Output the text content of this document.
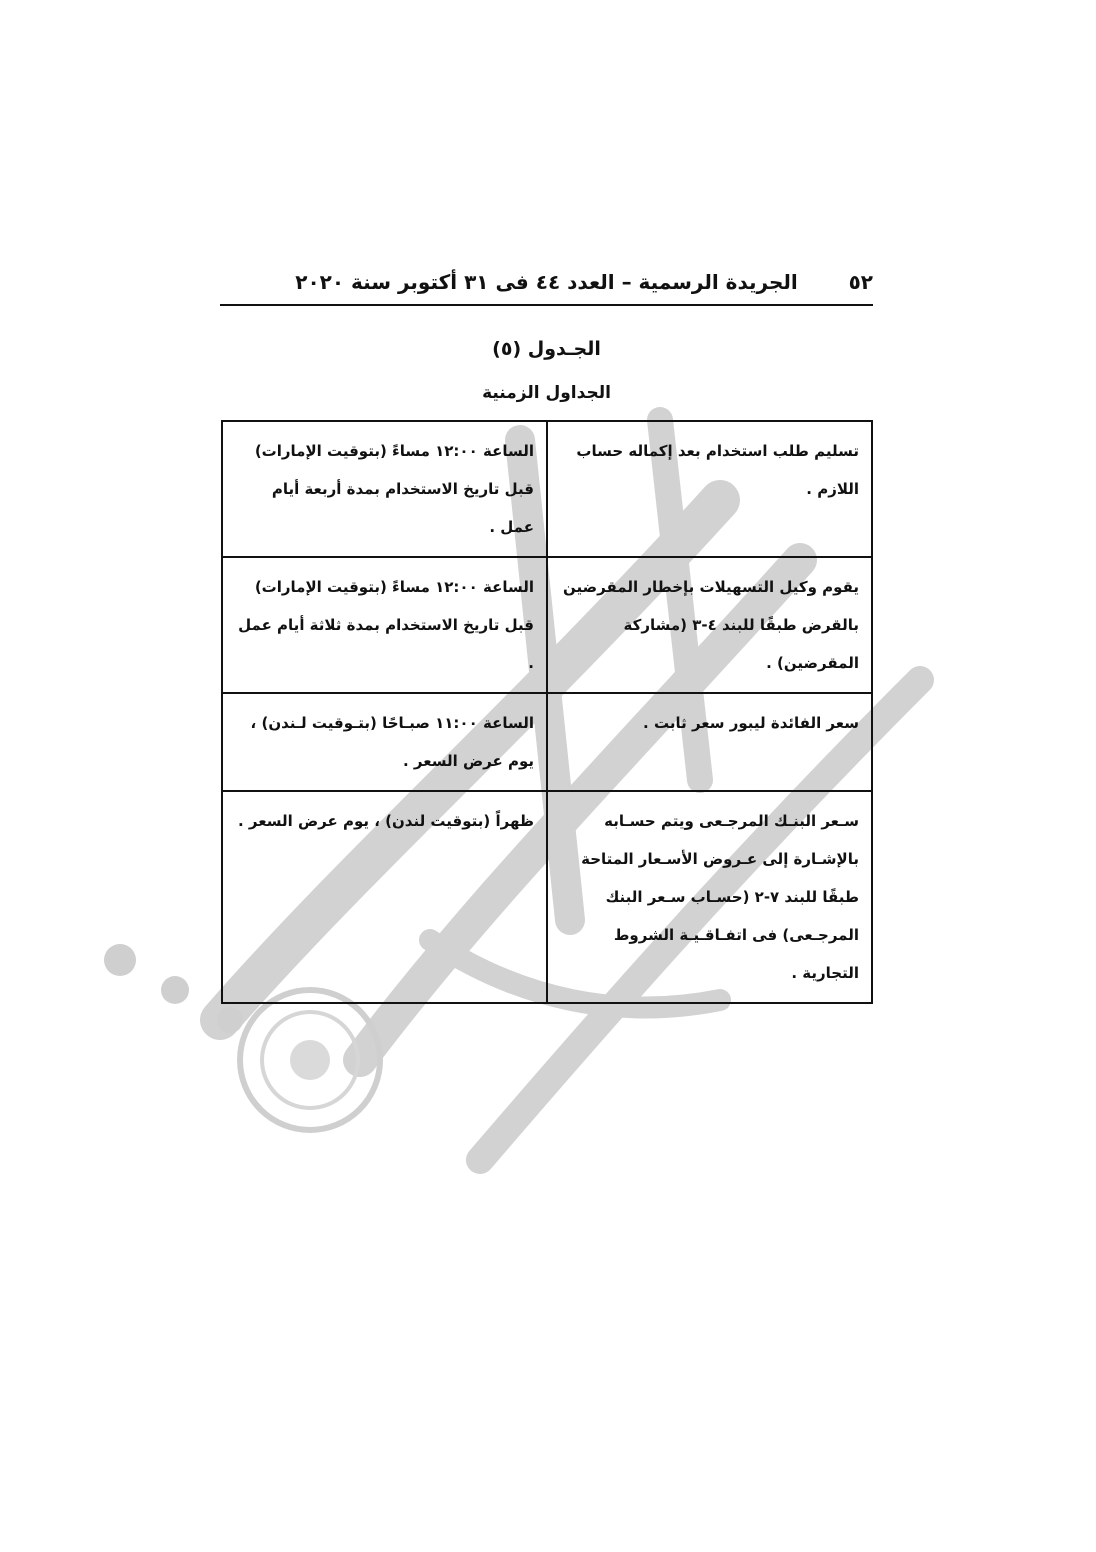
٥٢
الجريدة الرسمية – العدد ٤٤ فى ٣١ أكتوبر سنة ٢٠٢٠
الجـدول (٥)
الجداول الزمنية
تسليم طلب استخدام بعد إكماله حساب اللازم .	الساعة ١٢:٠٠ مساءً (بتوقيت الإمارات) قبل تاريخ الاستخدام بمدة أربعة أيام عمل .
يقوم وكيل التسهيلات بإخطار المقرضين بالقرض طبقًا للبند ٤-٣ (مشاركة المقرضين) .	الساعة ١٢:٠٠ مساءً (بتوقيت الإمارات) قبل تاريخ الاستخدام بمدة ثلاثة أيام عمل .
سعر الفائدة ليبور سعر ثابت .	الساعة ١١:٠٠ صبـاحًا (بتـوقيت لـندن) ، يوم عرض السعر .
سـعر البنـك المرجـعى ويتم حسـابه بالإشـارة إلى عـروض الأسـعار المتاحة طبقًا للبند ٧-٢ (حسـاب سـعر البنك المرجـعى) فى اتفـاقـيـة الشروط التجارية .	ظهراً (بتوقيت لندن) ، يوم عرض السعر .
